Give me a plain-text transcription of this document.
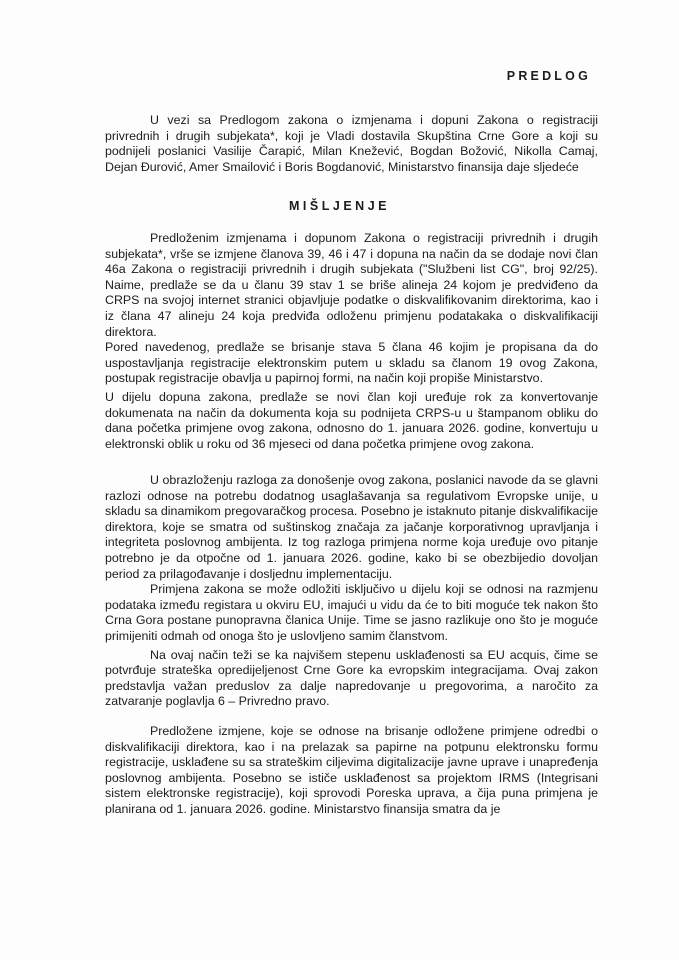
PREDLOG

U vezi sa Predlogom zakona o izmjenama i dopuni Zakona o registraciji privrednih i drugih subjekata*, koji je Vladi dostavila Skupština Crne Gore a koji su podnijeli poslanici Vasilije Čarapić, Milan Knežević, Bogdan Božović, Nikolla Camaj, Dejan Đurović, Amer Smailović i Boris Bogdanović, Ministarstvo finansija daje sljedeće

MIŠLJENJE

Predloženim izmjenama i dopunom Zakona o registraciji privrednih i drugih subjekata*, vrše se izmjene članova 39, 46 i 47 i dopuna na način da se dodaje novi član 46a Zakona o registraciji privrednih i drugih subjekata ("Službeni list CG", broj 92/25). Naime, predlaže se da u članu 39 stav 1 se briše alineja 24 kojom je predviđeno da CRPS na svojoj internet stranici objavljuje podatke o diskvalifikovanim direktorima, kao i iz člana 47 alineju 24 koja predviđa odloženu primjenu podatakaka o diskvalifikaciji direktora.

Pored navedenog, predlaže se brisanje stava 5 člana 46 kojim je propisana da do uspostavljanja registracije elektronskim putem u skladu sa članom 19 ovog Zakona, postupak registracije obavlja u papirnoj formi, na način koji propiše Ministarstvo.

U dijelu dopuna zakona, predlaže se novi član koji uređuje rok za konvertovanje dokumenata na način da dokumenta koja su podnijeta CRPS-u u štampanom obliku do dana početka primjene ovog zakona, odnosno do 1. januara 2026. godine, konvertuju u elektronski oblik u roku od 36 mjeseci od dana početka primjene ovog zakona.

U obrazloženju razloga za donošenje ovog zakona, poslanici navode da se glavni razlozi odnose na potrebu dodatnog usaglašavanja sa regulativom Evropske unije, u skladu sa dinamikom pregovaračkog procesa. Posebno je istaknuto pitanje diskvalifikacije direktora, koje se smatra od suštinskog značaja za jačanje korporativnog upravljanja i integriteta poslovnog ambijenta. Iz tog razloga primjena norme koja uređuje ovo pitanje potrebno je da otpočne od 1. januara 2026. godine, kako bi se obezbijedio dovoljan period za prilagođavanje i dosljednu implementaciju.

Primjena zakona se može odložiti isključivo u dijelu koji se odnosi na razmjenu podataka između registara u okviru EU, imajući u vidu da će to biti moguće tek nakon što Crna Gora postane punopravna članica Unije. Time se jasno razlikuje ono što je moguće primijeniti odmah od onoga što je uslovljeno samim članstvom.

Na ovaj način teži se ka najvišem stepenu usklađenosti sa EU acquis, čime se potvrđuje strateška opredijeljenost Crne Gore ka evropskim integracijama. Ovaj zakon predstavlja važan preduslov za dalje napredovanje u pregovorima, a naročito za zatvaranje poglavlja 6 – Privredno pravo.

Predložene izmjene, koje se odnose na brisanje odložene primjene odredbi o diskvalifikaciji direktora, kao i na prelazak sa papirne na potpunu elektronsku formu registracije, usklađene su sa strateškim ciljevima digitalizacije javne uprave i unapređenja poslovnog ambijenta. Posebno se ističe usklađenost sa projektom IRMS (Integrisani sistem elektronske registracije), koji sprovodi Poreska uprava, a čija puna primjena je planirana od 1. januara 2026. godine. Ministarstvo finansija smatra da je
